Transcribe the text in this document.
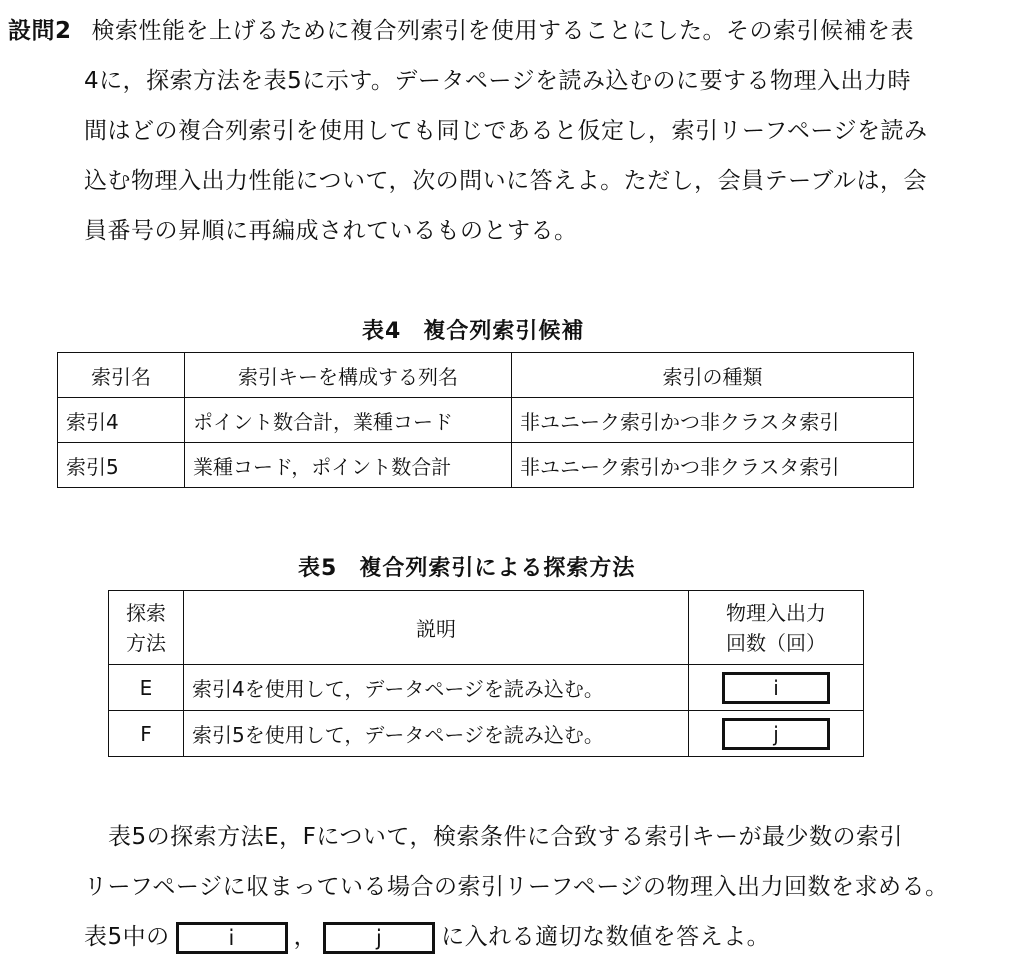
設問2 検索性能を上げるために複合列索引を使用することにした。その索引候補を表
4に，探索方法を表5に示す。データページを読み込むのに要する物理入出力時
間はどの複合列索引を使用しても同じであると仮定し，索引リーフページを読み
込む物理入出力性能について，次の問いに答えよ。ただし，会員テーブルは，会
員番号の昇順に再編成されているものとする。
表4 複合列索引候補
索引名	索引キーを構成する列名	索引の種類
索引4	ポイント数合計，業種コード	非ユニーク索引かつ非クラスタ索引
索引5	業種コード，ポイント数合計	非ユニーク索引かつ非クラスタ索引
表5 複合列索引による探索方法
探索
方法	説明	物理入出力
回数（回）
E	索引4を使用して，データページを読み込む。	i
F	索引5を使用して，データページを読み込む。	j
表5の探索方法E，Fについて，検索条件に合致する索引キーが最少数の索引
リーフページに収まっている場合の索引リーフページの物理入出力回数を求める。
表5中の	i	，	j	に入れる適切な数値を答えよ。
